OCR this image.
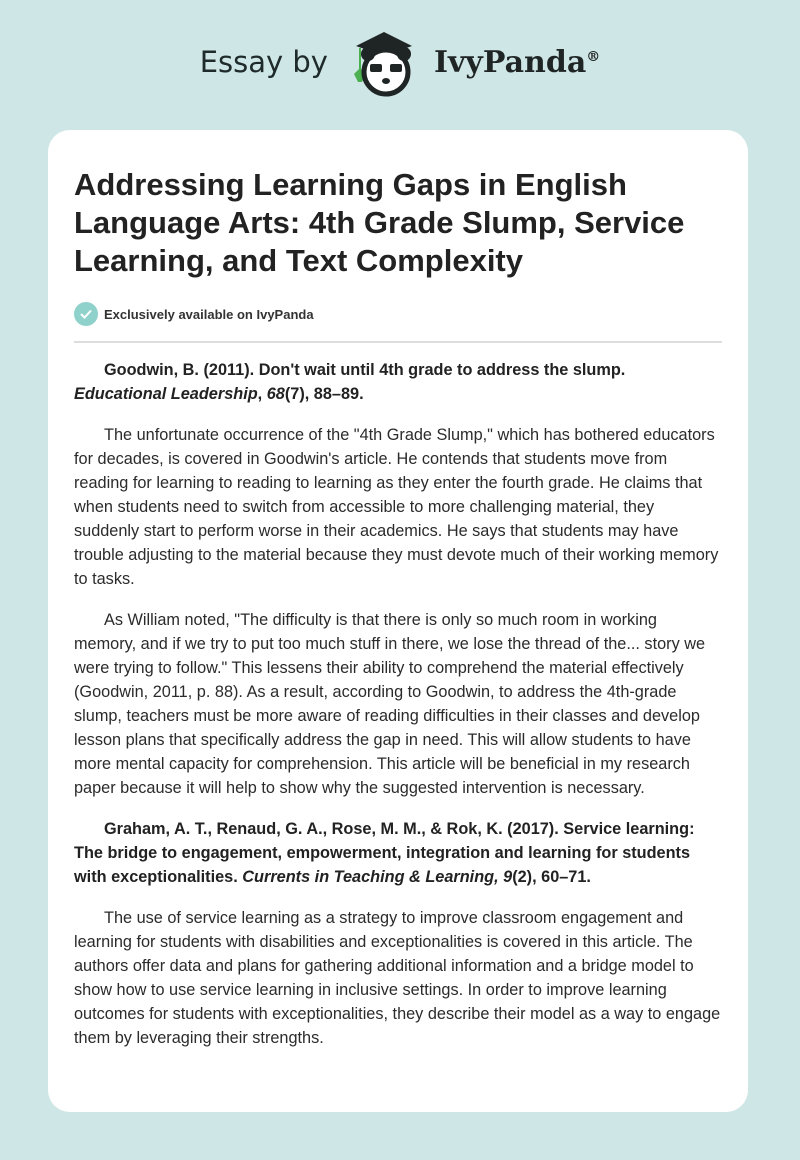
Essay by	IvyPanda®
Addressing Learning Gaps in English Language Arts: 4th Grade Slump, Service Learning, and Text Complexity
Exclusively available on IvyPanda

Goodwin, B. (2011). Don't wait until 4th grade to address the slump. Educational Leadership, 68(7), 88–89.

The unfortunate occurrence of the "4th Grade Slump," which has bothered educators for decades, is covered in Goodwin's article. He contends that students move from reading for learning to reading to learning as they enter the fourth grade. He claims that when students need to switch from accessible to more challenging material, they suddenly start to perform worse in their academics. He says that students may have trouble adjusting to the material because they must devote much of their working memory to tasks.

As William noted, "The difficulty is that there is only so much room in working memory, and if we try to put too much stuff in there, we lose the thread of the... story we were trying to follow." This lessens their ability to comprehend the material effectively (Goodwin, 2011, p. 88). As a result, according to Goodwin, to address the 4th-grade slump, teachers must be more aware of reading difficulties in their classes and develop lesson plans that specifically address the gap in need. This will allow students to have more mental capacity for comprehension. This article will be beneficial in my research paper because it will help to show why the suggested intervention is necessary.

Graham, A. T., Renaud, G. A., Rose, M. M., & Rok, K. (2017). Service learning: The bridge to engagement, empowerment, integration and learning for students with exceptionalities. Currents in Teaching & Learning, 9(2), 60–71.

The use of service learning as a strategy to improve classroom engagement and learning for students with disabilities and exceptionalities is covered in this article. The authors offer data and plans for gathering additional information and a bridge model to show how to use service learning in inclusive settings. In order to improve learning outcomes for students with exceptionalities, they describe their model as a way to engage them by leveraging their strengths.
